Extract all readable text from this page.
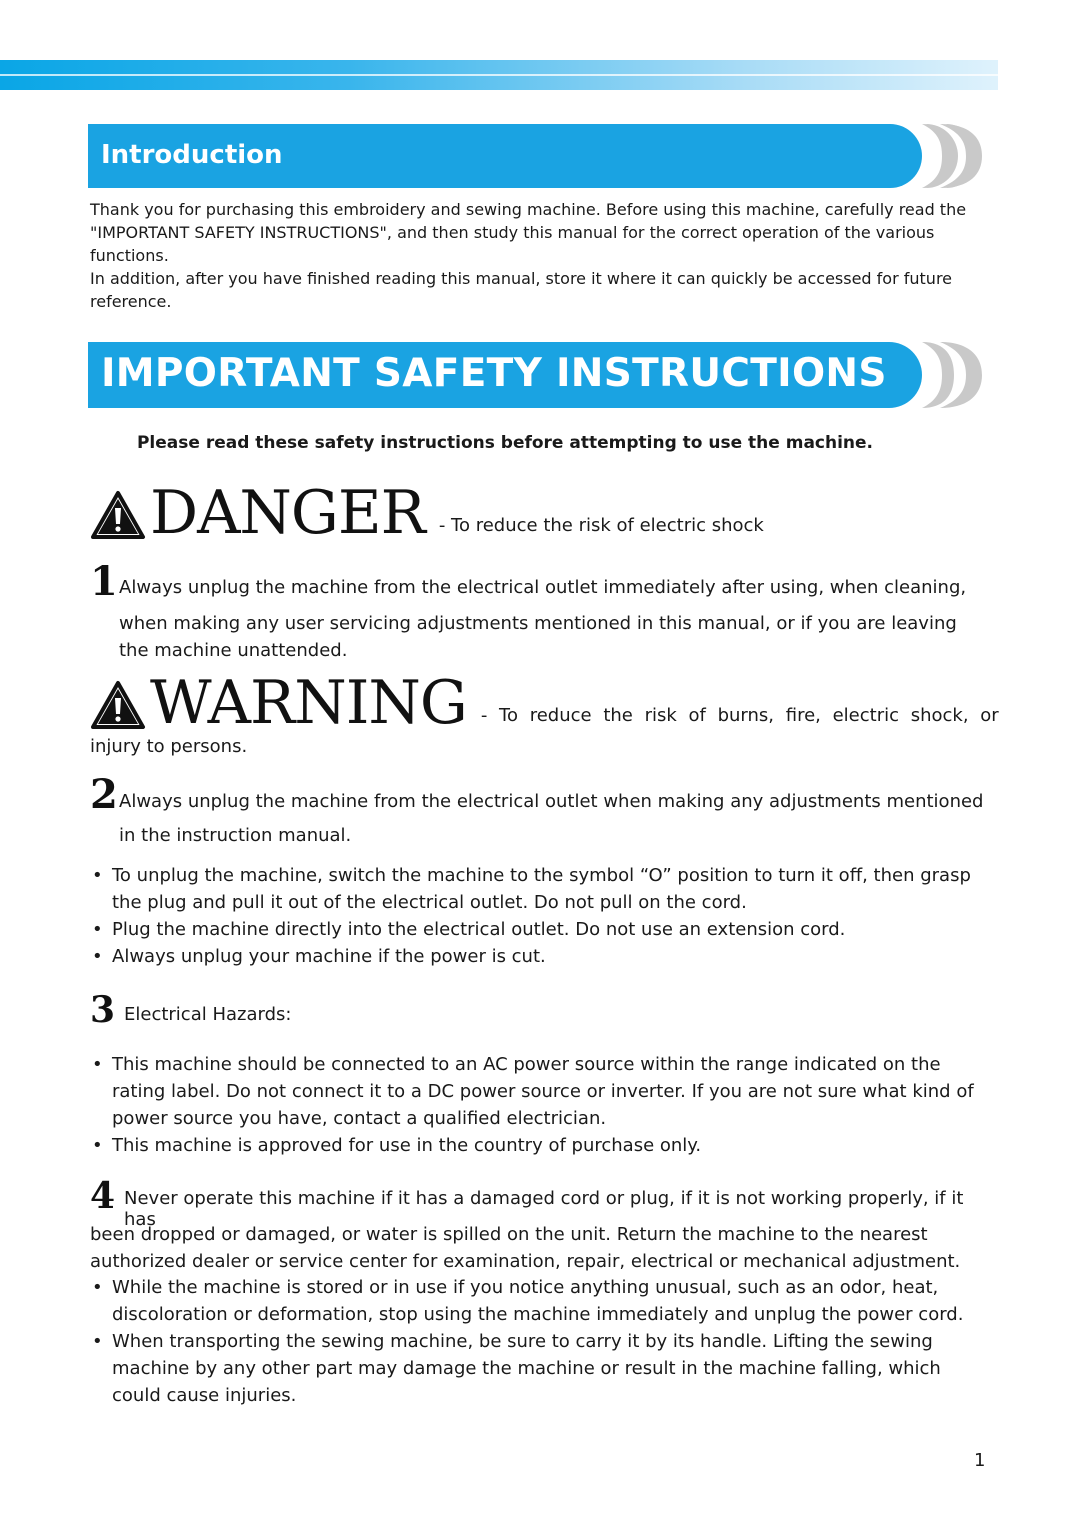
Introduction

Thank you for purchasing this embroidery and sewing machine. Before using this machine, carefully read the "IMPORTANT SAFETY INSTRUCTIONS", and then study this manual for the correct operation of the various functions.

In addition, after you have finished reading this manual, store it where it can quickly be accessed for future reference.

IMPORTANT SAFETY INSTRUCTIONS
Please read these safety instructions before attempting to use the machine.
DANGER - To reduce the risk of electric shock
1 Always unplug the machine from the electrical outlet immediately after using, when cleaning,

when making any user servicing adjustments mentioned in this manual, or if you are leaving the machine unattended.

WARNING - To reduce the risk of burns, fire, electric shock, or
injury to persons.
2 Always unplug the machine from the electrical outlet when making any adjustments mentioned

in the instruction manual.

• To unplug the machine, switch the machine to the symbol “O” position to turn it off, then grasp the plug and pull it out of the electrical outlet. Do not pull on the cord.
• Plug the machine directly into the electrical outlet. Do not use an extension cord.
• Always unplug your machine if the power is cut.
3 Electrical Hazards:
• This machine should be connected to an AC power source within the range indicated on the rating label. Do not connect it to a DC power source or inverter. If you are not sure what kind of power source you have, contact a qualified electrician.
• This machine is approved for use in the country of purchase only.
4 Never operate this machine if it has a damaged cord or plug, if it is not working properly, if it has
been dropped or damaged, or water is spilled on the unit. Return the machine to the nearest authorized dealer or service center for examination, repair, electrical or mechanical adjustment.
• While the machine is stored or in use if you notice anything unusual, such as an odor, heat, discoloration or deformation, stop using the machine immediately and unplug the power cord.
• When transporting the sewing machine, be sure to carry it by its handle. Lifting the sewing machine by any other part may damage the machine or result in the machine falling, which could cause injuries.
1
